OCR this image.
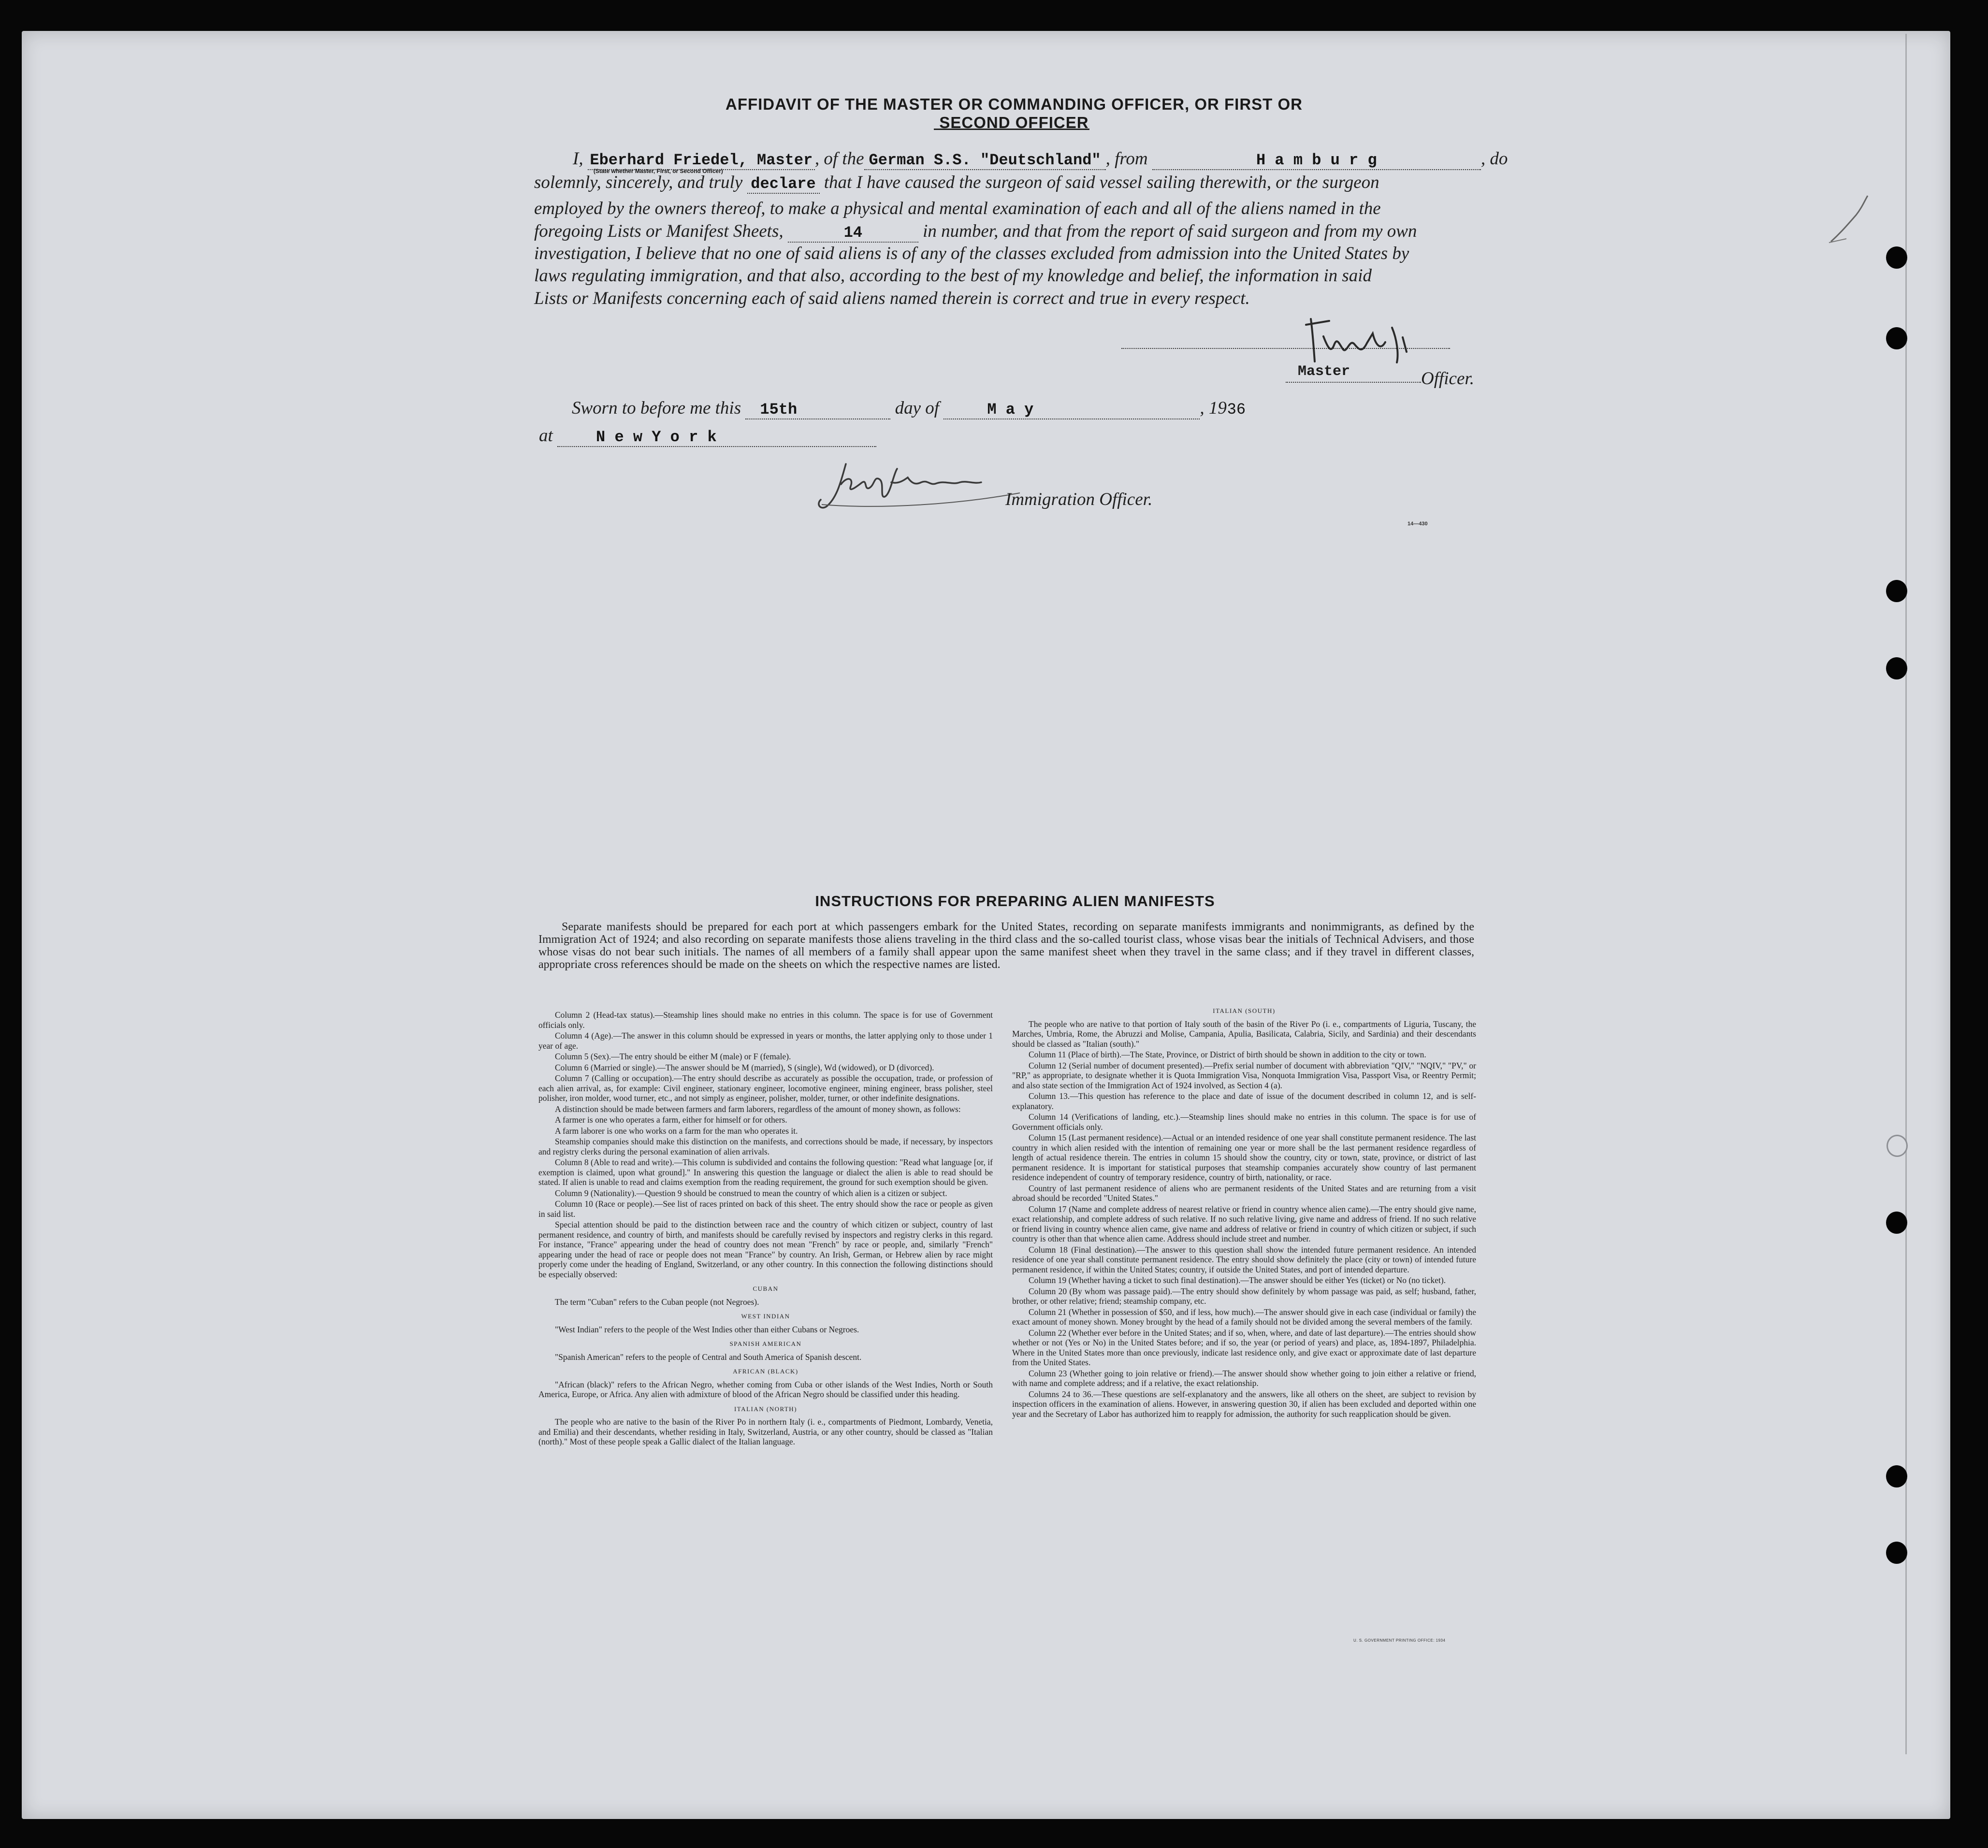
AFFIDAVIT OF THE MASTER OR COMMANDING OFFICER, OR FIRST OR SECOND OFFICER
I, Eberhard Friedel, Master
(State whether Master, First, or Second Officer)
, of the German S.S. "Deutschland" , from	H a m b u r g	, do
solemnly, sincerely, and truly declare that I have caused the surgeon of said vessel sailing therewith, or the surgeon
employed by the owners thereof, to make a physical and mental examination of each and all of the aliens named in the
foregoing Lists or Manifest Sheets,	14	in number, and that from the report of said surgeon and from my own
investigation, I believe that no one of said aliens is of any of the classes excluded from admission into the United States by
laws regulating immigration, and that also, according to the best of my knowledge and belief, the information in said
Lists or Manifests concerning each of said aliens named therein is correct and true in every respect.
Master	Officer.
Sworn to before me this 15th	day of	M a y	, 1936
at	N e w Y o r k
Immigration Officer.
14—430
INSTRUCTIONS FOR PREPARING ALIEN MANIFESTS
Separate manifests should be prepared for each port at which passengers embark for the United States, recording on separate manifests immigrants and nonimmigrants, as defined by the Immigration Act of 1924; and also recording on separate manifests those aliens traveling in the third class and the so-called tourist class, whose visas bear the initials of Technical Advisers, and those whose visas do not bear such initials. The names of all members of a family shall appear upon the same manifest sheet when they travel in the same class; and if they travel in different classes, appropriate cross references should be made on the sheets on which the respective names are listed.

Column 2 (Head-tax status).—Steamship lines should make no entries in this column. The space is for use of Government officials only.

Column 4 (Age).—The answer in this column should be expressed in years or months, the latter applying only to those under 1 year of age.

Column 5 (Sex).—The entry should be either M (male) or F (female).

Column 6 (Married or single).—The answer should be M (married), S (single), Wd (widowed), or D (divorced).

Column 7 (Calling or occupation).—The entry should describe as accurately as possible the occupation, trade, or profession of each alien arrival, as, for example: Civil engineer, stationary engineer, locomotive engineer, mining engineer, brass polisher, steel polisher, iron molder, wood turner, etc., and not simply as engineer, polisher, molder, turner, or other indefinite designations.

A distinction should be made between farmers and farm laborers, regardless of the amount of money shown, as follows:

A farmer is one who operates a farm, either for himself or for others.

A farm laborer is one who works on a farm for the man who operates it.

Steamship companies should make this distinction on the manifests, and corrections should be made, if necessary, by inspectors and registry clerks during the personal examination of alien arrivals.

Column 8 (Able to read and write).—This column is subdivided and contains the following question: "Read what language [or, if exemption is claimed, upon what ground]." In answering this question the language or dialect the alien is able to read should be stated. If alien is unable to read and claims exemption from the reading requirement, the ground for such exemption should be given.

Column 9 (Nationality).—Question 9 should be construed to mean the country of which alien is a citizen or subject.

Column 10 (Race or people).—See list of races printed on back of this sheet. The entry should show the race or people as given in said list.

Special attention should be paid to the distinction between race and the country of which citizen or subject, country of last permanent residence, and country of birth, and manifests should be carefully revised by inspectors and registry clerks in this regard. For instance, "France" appearing under the head of country does not mean "French" by race or people, and, similarly "French" appearing under the head of race or people does not mean "France" by country. An Irish, German, or Hebrew alien by race might properly come under the heading of England, Switzerland, or any other country. In this connection the following distinctions should be especially observed:

CUBAN

The term "Cuban" refers to the Cuban people (not Negroes).

WEST INDIAN

"West Indian" refers to the people of the West Indies other than either Cubans or Negroes.

SPANISH AMERICAN

"Spanish American" refers to the people of Central and South America of Spanish descent.

AFRICAN (BLACK)

"African (black)" refers to the African Negro, whether coming from Cuba or other islands of the West Indies, North or South America, Europe, or Africa. Any alien with admixture of blood of the African Negro should be classified under this heading.

ITALIAN (NORTH)

The people who are native to the basin of the River Po in northern Italy (i. e., compartments of Piedmont, Lombardy, Venetia, and Emilia) and their descendants, whether residing in Italy, Switzerland, Austria, or any other country, should be classed as "Italian (north)." Most of these people speak a Gallic dialect of the Italian language.

ITALIAN (SOUTH)

The people who are native to that portion of Italy south of the basin of the River Po (i. e., compartments of Liguria, Tuscany, the Marches, Umbria, Rome, the Abruzzi and Molise, Campania, Apulia, Basilicata, Calabria, Sicily, and Sardinia) and their descendants should be classed as "Italian (south)."

Column 11 (Place of birth).—The State, Province, or District of birth should be shown in addition to the city or town.

Column 12 (Serial number of document presented).—Prefix serial number of document with abbreviation "QIV," "NQIV," "PV," or "RP," as appropriate, to designate whether it is Quota Immigration Visa, Nonquota Immigration Visa, Passport Visa, or Reentry Permit; and also state section of the Immigration Act of 1924 involved, as Section 4 (a).

Column 13.—This question has reference to the place and date of issue of the document described in column 12, and is self-explanatory.

Column 14 (Verifications of landing, etc.).—Steamship lines should make no entries in this column. The space is for use of Government officials only.

Column 15 (Last permanent residence).—Actual or an intended residence of one year shall constitute permanent residence. The last country in which alien resided with the intention of remaining one year or more shall be the last permanent residence regardless of length of actual residence therein. The entries in column 15 should show the country, city or town, state, province, or district of last permanent residence. It is important for statistical purposes that steamship companies accurately show country of last permanent residence independent of country of temporary residence, country of birth, nationality, or race.

Country of last permanent residence of aliens who are permanent residents of the United States and are returning from a visit abroad should be recorded "United States."

Column 17 (Name and complete address of nearest relative or friend in country whence alien came).—The entry should give name, exact relationship, and complete address of such relative. If no such relative living, give name and address of friend. If no such relative or friend living in country whence alien came, give name and address of relative or friend in country of which citizen or subject, if such country is other than that whence alien came. Address should include street and number.

Column 18 (Final destination).—The answer to this question shall show the intended future permanent residence. An intended residence of one year shall constitute permanent residence. The entry should show definitely the place (city or town) of intended future permanent residence, if within the United States; country, if outside the United States, and port of intended departure.

Column 19 (Whether having a ticket to such final destination).—The answer should be either Yes (ticket) or No (no ticket).

Column 20 (By whom was passage paid).—The entry should show definitely by whom passage was paid, as self; husband, father, brother, or other relative; friend; steamship company, etc.

Column 21 (Whether in possession of $50, and if less, how much).—The answer should give in each case (individual or family) the exact amount of money shown. Money brought by the head of a family should not be divided among the several members of the family.

Column 22 (Whether ever before in the United States; and if so, when, where, and date of last departure).—The entries should show whether or not (Yes or No) in the United States before; and if so, the year (or period of years) and place, as, 1894-1897, Philadelphia. Where in the United States more than once previously, indicate last residence only, and give exact or approximate date of last departure from the United States.

Column 23 (Whether going to join relative or friend).—The answer should show whether going to join either a relative or friend, with name and complete address; and if a relative, the exact relationship.

Columns 24 to 36.—These questions are self-explanatory and the answers, like all others on the sheet, are subject to revision by inspection officers in the examination of aliens. However, in answering question 30, if alien has been excluded and deported within one year and the Secretary of Labor has authorized him to reapply for admission, the authority for such reapplication should be given.

U. S. GOVERNMENT PRINTING OFFICE: 1934
